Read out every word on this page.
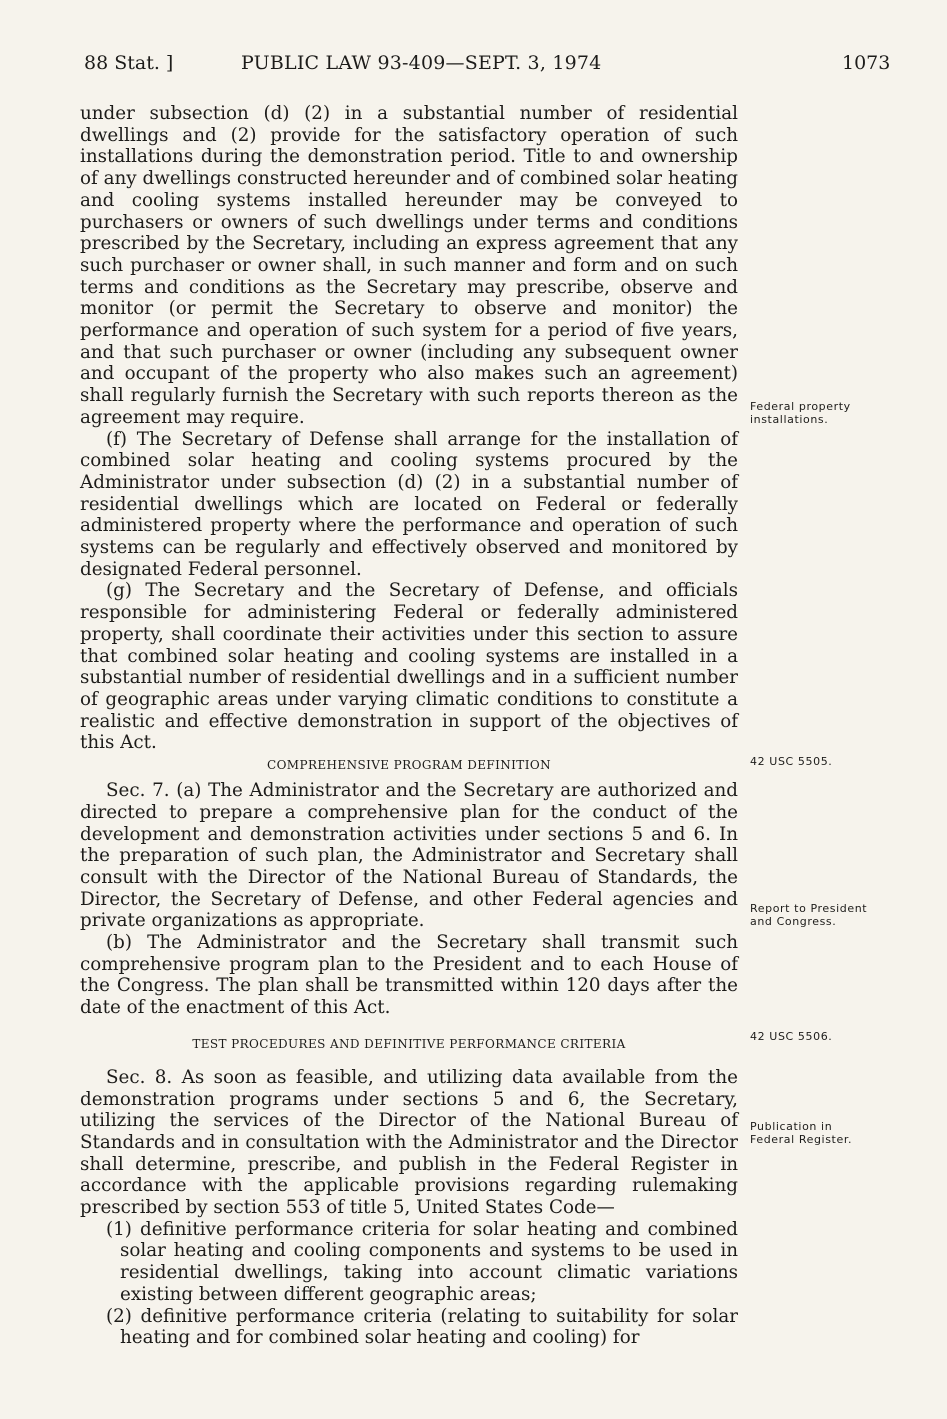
88 Stat. ]	PUBLIC LAW 93-409—SEPT. 3, 1974	1073

under subsection (d) (2) in a substantial number of residential dwellings and (2) provide for the satisfactory operation of such installations during the demonstration period. Title to and ownership of any dwellings constructed hereunder and of combined solar heating and cooling systems installed hereunder may be conveyed to purchasers or owners of such dwellings under terms and conditions prescribed by the Secretary, including an express agreement that any such purchaser or owner shall, in such manner and form and on such terms and conditions as the Secretary may prescribe, observe and monitor (or permit the Secretary to observe and monitor) the performance and operation of such system for a period of five years, and that such purchaser or owner (including any subsequent owner and occupant of the property who also makes such an agreement) shall regularly furnish the Secretary with such reports thereon as the agreement may require.

(f) The Secretary of Defense shall arrange for the installation of combined solar heating and cooling systems procured by the Administrator under subsection (d) (2) in a substantial number of residential dwellings which are located on Federal or federally administered property where the performance and operation of such systems can be regularly and effectively observed and monitored by designated Federal personnel.

(g) The Secretary and the Secretary of Defense, and officials responsible for administering Federal or federally administered property, shall coordinate their activities under this section to assure that combined solar heating and cooling systems are installed in a substantial number of residential dwellings and in a sufficient number of geographic areas under varying climatic conditions to constitute a realistic and effective demonstration in support of the objectives of this Act.

COMPREHENSIVE PROGRAM DEFINITION

Sec. 7. (a) The Administrator and the Secretary are authorized and directed to prepare a comprehensive plan for the conduct of the development and demonstration activities under sections 5 and 6. In the preparation of such plan, the Administrator and Secretary shall consult with the Director of the National Bureau of Standards, the Director, the Secretary of Defense, and other Federal agencies and private organizations as appropriate.

(b) The Administrator and the Secretary shall transmit such comprehensive program plan to the President and to each House of the Congress. The plan shall be transmitted within 120 days after the date of the enactment of this Act.

TEST PROCEDURES AND DEFINITIVE PERFORMANCE CRITERIA

Sec. 8. As soon as feasible, and utilizing data available from the demonstration programs under sections 5 and 6, the Secretary, utilizing the services of the Director of the National Bureau of Standards and in consultation with the Administrator and the Director shall determine, prescribe, and publish in the Federal Register in accordance with the applicable provisions regarding rulemaking prescribed by section 553 of title 5, United States Code—

(1) definitive performance criteria for solar heating and combined solar heating and cooling components and systems to be used in residential dwellings, taking into account climatic variations existing between different geographic areas;

(2) definitive performance criteria (relating to suitability for solar heating and for combined solar heating and cooling) for

Federal property installations.
42 USC 5505.
Report to President and Congress.
42 USC 5506.
Publication in Federal Register.
